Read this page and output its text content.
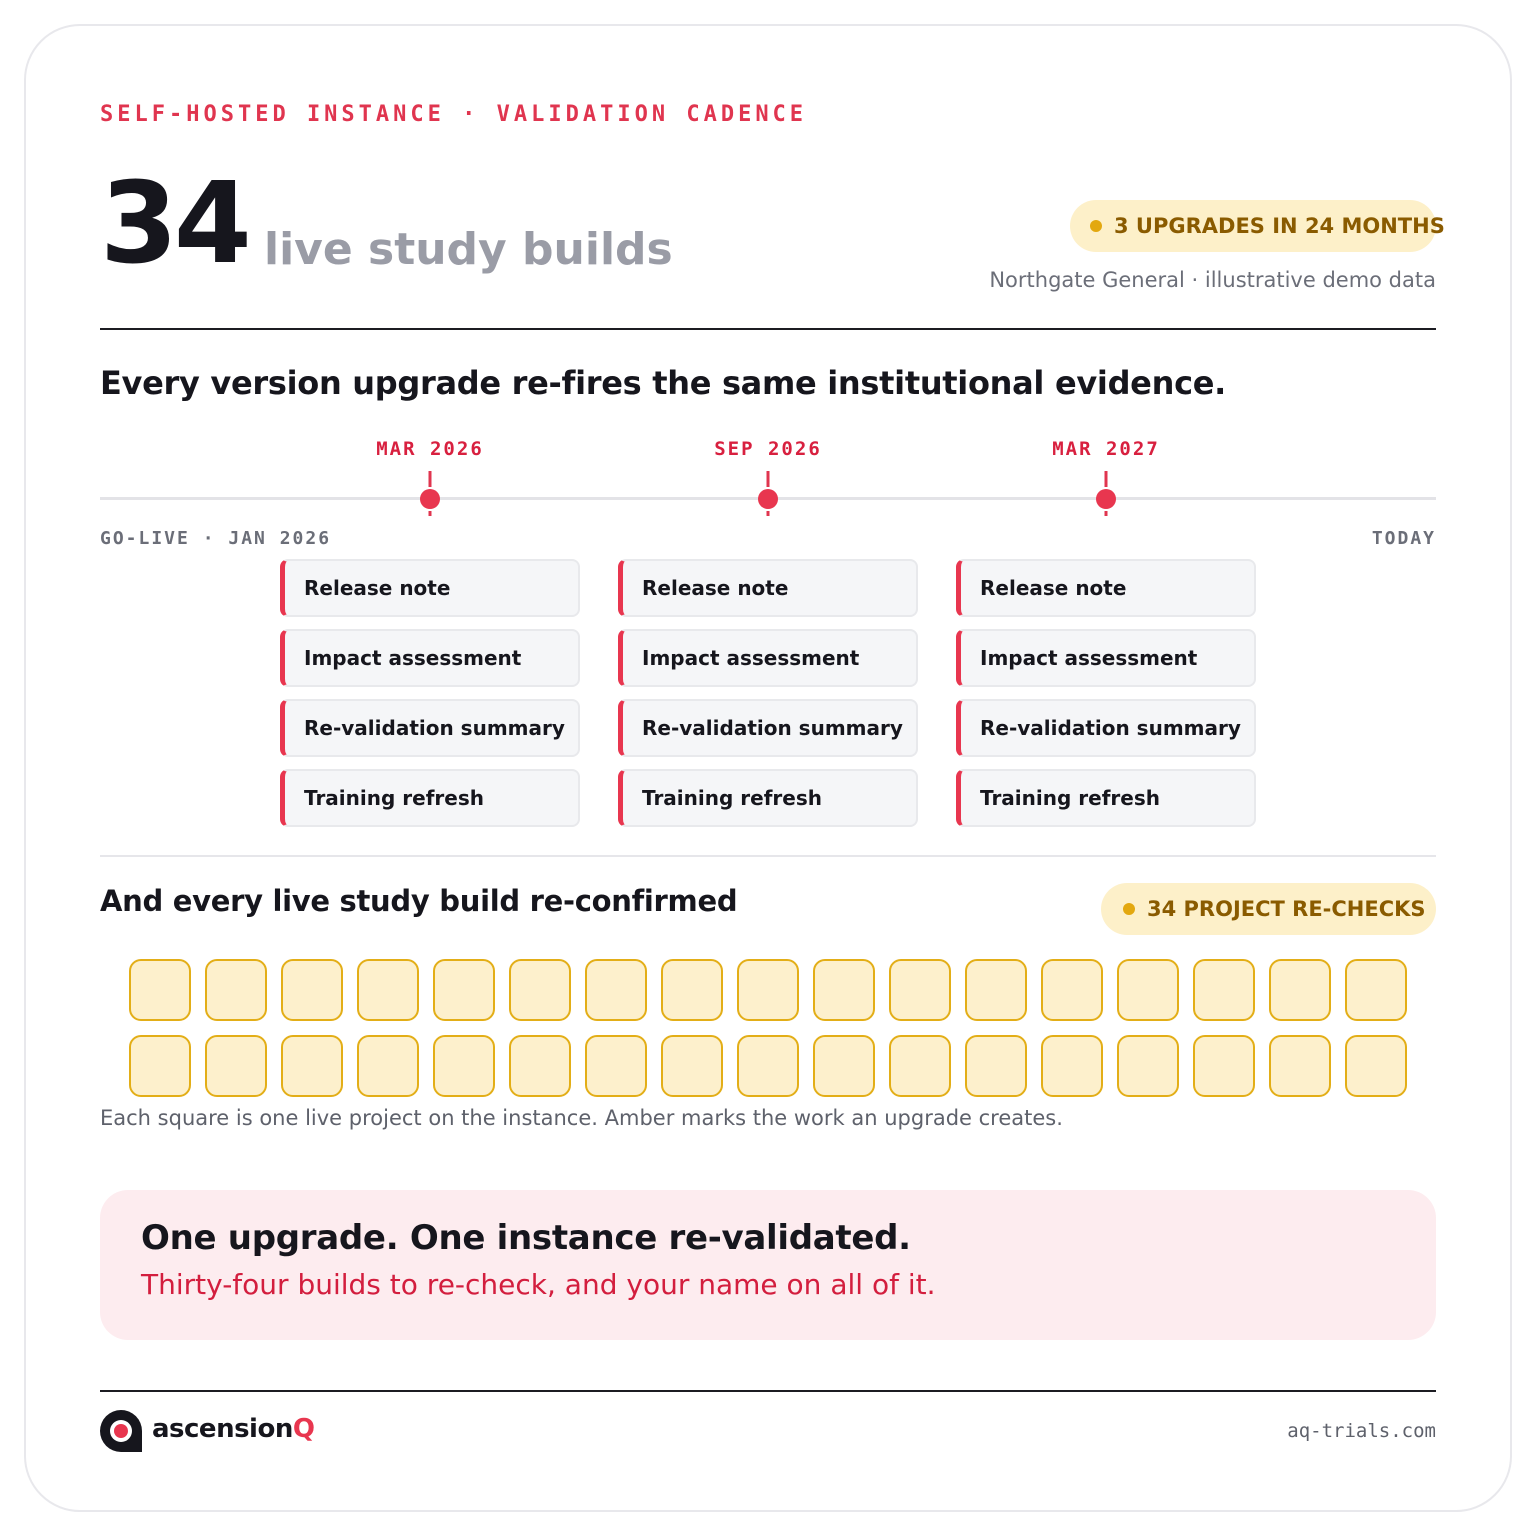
SELF-HOSTED INSTANCE · VALIDATION CADENCE
34 live study builds	3 UPGRADES IN 24 MONTHS
Northgate General · illustrative demo data
Every version upgrade re-fires the same institutional evidence.
MAR 2026	SEP 2026	MAR 2027
GO-LIVE · JAN 2026	TODAY
Release note
Impact assessment
Re-validation summary
Training refresh
Release note
Impact assessment
Re-validation summary
Training refresh
Release note
Impact assessment
Re-validation summary
Training refresh
And every live study build re-confirmed	34 PROJECT RE-CHECKS
Each square is one live project on the instance. Amber marks the work an upgrade creates.
One upgrade. One instance re-validated.
Thirty-four builds to re-check, and your name on all of it.
ascensionQ	aq-trials.com
